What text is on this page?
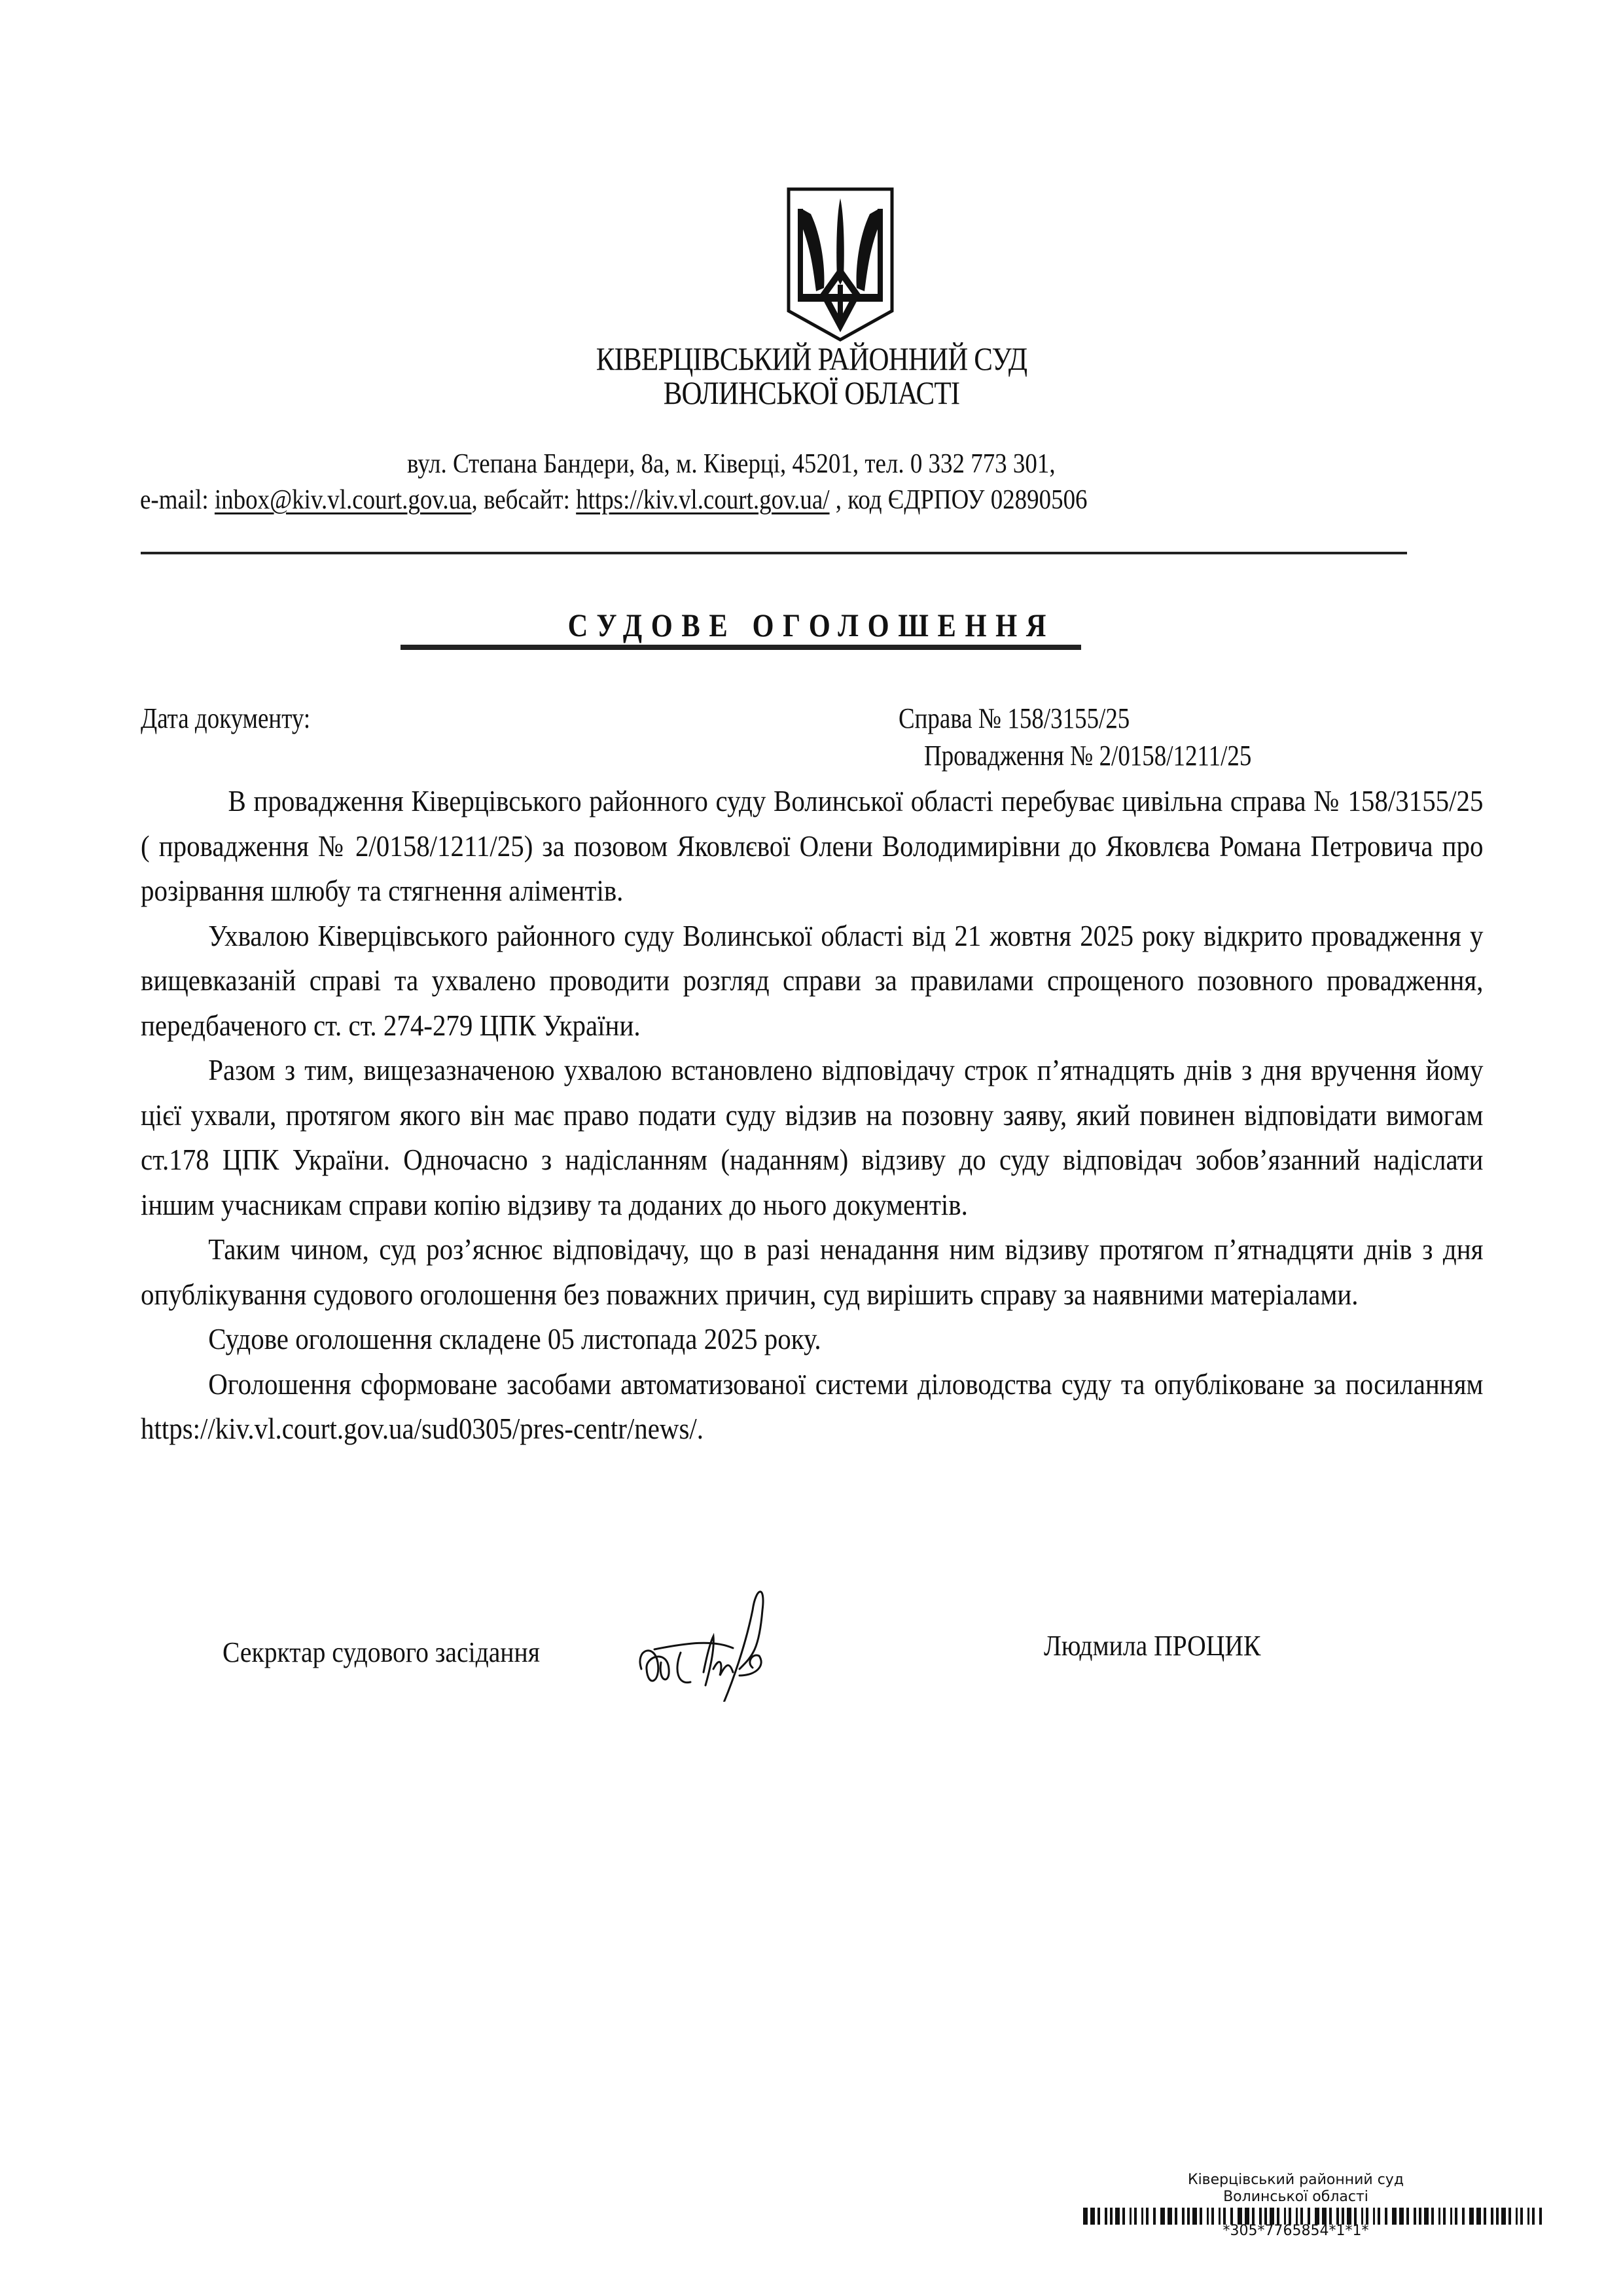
КІВЕРЦІВСЬКИЙ РАЙОННИЙ СУД
ВОЛИНСЬКОЇ ОБЛАСТІ
вул. Степана Бандери, 8а, м. Ківерці, 45201, тел. 0 332 773 301,
e-mail: inbox@kiv.vl.court.gov.ua, вебсайт: https://kiv.vl.court.gov.ua/ , код ЄДРПОУ 02890506
СУДОВЕ ОГОЛОШЕННЯ
Дата документу:	Справа № 158/3155/25
Провадження № 2/0158/1211/25

В провадження Ківерцівського районного суду Волинської області перебуває цивільна справа № 158/3155/25 ( провадження № 2/0158/1211/25) за позовом Яковлєвої Олени Володимирівни до Яковлєва Романа Петровича про розірвання шлюбу та стягнення аліментів.

Ухвалою Ківерцівського районного суду Волинської області від 21 жовтня 2025 року відкрито провадження у вищевказаній справі та ухвалено проводити розгляд справи за правилами спрощеного позовного провадження, передбаченого ст. ст. 274-279 ЦПК України.

Разом з тим, вищезазначеною ухвалою встановлено відповідачу строк п’ятнадцять днів з дня вручення йому цієї ухвали, протягом якого він має право подати суду відзив на позовну заяву, який повинен відповідати вимогам ст.178 ЦПК України. Одночасно з надісланням (наданням) відзиву до суду відповідач зобов’язанний надіслати іншим учасникам справи копію відзиву та доданих до нього документів.

Таким чином, суд роз’яснює відповідачу, що в разі ненадання ним відзиву протягом п’ятнадцяти днів з дня опублікування судового оголошення без поважних причин, суд вирішить справу за наявними матеріалами.

Судове оголошення складене 05 листопада 2025 року.

Оголошення сформоване засобами автоматизованої системи діловодства суду та опубліковане за посиланням https://kiv.vl.court.gov.ua/sud0305/pres-centr/news/.

Секрктар судового засідання	Людмила ПРОЦИК
Ківерцівський районний суд
Волинської області
*305*7765854*1*1*
